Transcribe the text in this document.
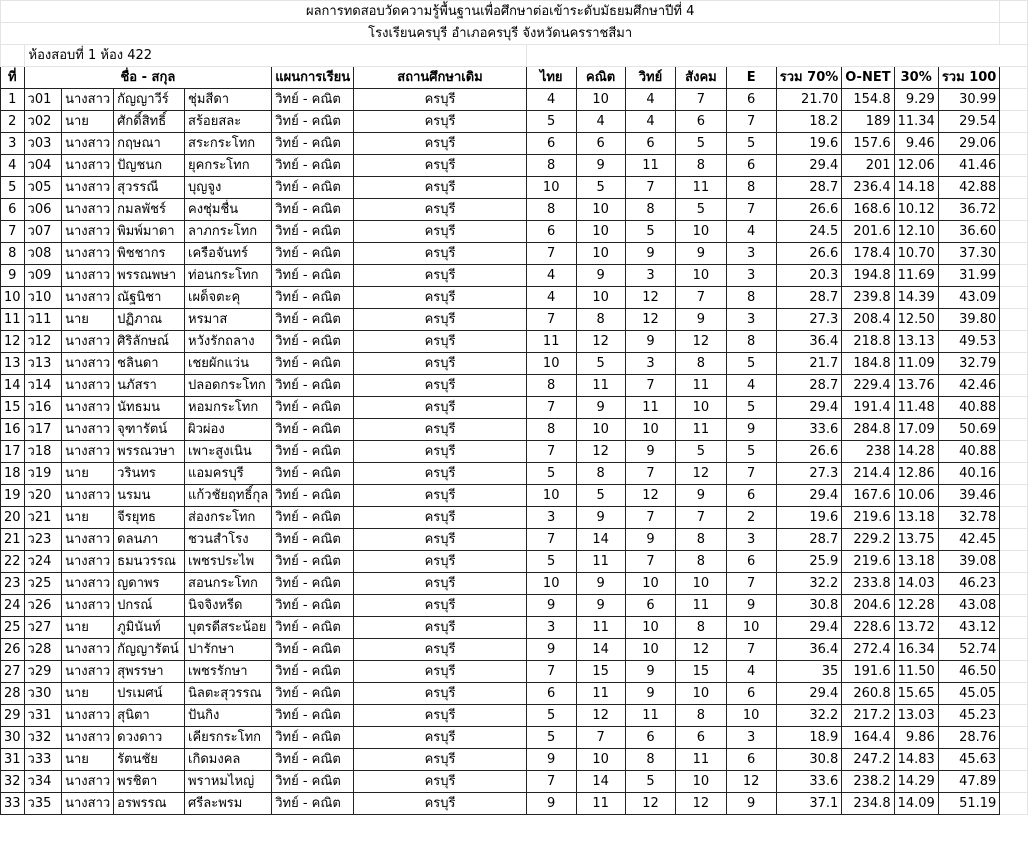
ผลการทดสอบวัดความรู้พื้นฐานเพื่อศึกษาต่อเข้าระดับมัธยมศึกษาปีที่ 4																
โรงเรียนครบุรี อำเภอครบุรี จังหวัดนครราชสีมา																
	ห้องสอบที่ 1 ห้อง 422															
ที่	ชื่อ - สกุล				แผนการเรียน	สถานศึกษาเดิม	ไทย	คณิต	วิทย์	สังคม	E	รวม 70%	O-NET	30%	รวม 100	
1	ว01	นางสาว	กัญญาวีร์	ชุ่มสีดา	วิทย์ - คณิต	ครบุรี	4	10	4	7	6	21.70	154.8	9.29	30.99	
2	ว02	นาย	ศักดิ์สิทธิ์	สร้อยสละ	วิทย์ - คณิต	ครบุรี	5	4	4	6	7	18.2	189	11.34	29.54	
3	ว03	นางสาว	กฤษณา	สระกระโทก	วิทย์ - คณิต	ครบุรี	6	6	6	5	5	19.6	157.6	9.46	29.06	
4	ว04	นางสาว	ปัญชนก	ยุคกระโทก	วิทย์ - คณิต	ครบุรี	8	9	11	8	6	29.4	201	12.06	41.46	
5	ว05	นางสาว	สุวรรณี	บุญจูง	วิทย์ - คณิต	ครบุรี	10	5	7	11	8	28.7	236.4	14.18	42.88	
6	ว06	นางสาว	กมลพัชร์	คงชุ่มชื่น	วิทย์ - คณิต	ครบุรี	8	10	8	5	7	26.6	168.6	10.12	36.72	
7	ว07	นางสาว	พิมพ์มาดา	ลาภกระโทก	วิทย์ - คณิต	ครบุรี	6	10	5	10	4	24.5	201.6	12.10	36.60	
8	ว08	นางสาว	พิชชากร	เครือจันทร์	วิทย์ - คณิต	ครบุรี	7	10	9	9	3	26.6	178.4	10.70	37.30	
9	ว09	นางสาว	พรรณพษา	ท่อนกระโทก	วิทย์ - คณิต	ครบุรี	4	9	3	10	3	20.3	194.8	11.69	31.99	
10	ว10	นางสาว	ณัฐนิชา	เผด็จตะคุ	วิทย์ - คณิต	ครบุรี	4	10	12	7	8	28.7	239.8	14.39	43.09	
11	ว11	นาย	ปฏิภาณ	หรมาส	วิทย์ - คณิต	ครบุรี	7	8	12	9	3	27.3	208.4	12.50	39.80	
12	ว12	นางสาว	ศิริลักษณ์	หวังรักถลาง	วิทย์ - คณิต	ครบุรี	11	12	9	12	8	36.4	218.8	13.13	49.53	
13	ว13	นางสาว	ชลินดา	เชยผักแว่น	วิทย์ - คณิต	ครบุรี	10	5	3	8	5	21.7	184.8	11.09	32.79	
14	ว14	นางสาว	นภัสรา	ปลอดกระโทก	วิทย์ - คณิต	ครบุรี	8	11	7	11	4	28.7	229.4	13.76	42.46	
15	ว16	นางสาว	นัทธมน	หอมกระโทก	วิทย์ - คณิต	ครบุรี	7	9	11	10	5	29.4	191.4	11.48	40.88	
16	ว17	นางสาว	จุฑารัตน์	ผิวผ่อง	วิทย์ - คณิต	ครบุรี	8	10	10	11	9	33.6	284.8	17.09	50.69	
17	ว18	นางสาว	พรรณวษา	เพาะสูงเนิน	วิทย์ - คณิต	ครบุรี	7	12	9	5	5	26.6	238	14.28	40.88	
18	ว19	นาย	วรินทร	แอมครบุรี	วิทย์ - คณิต	ครบุรี	5	8	7	12	7	27.3	214.4	12.86	40.16	
19	ว20	นางสาว	นรมน	แก้วชัยฤทธิ์กุล	วิทย์ - คณิต	ครบุรี	10	5	12	9	6	29.4	167.6	10.06	39.46	
20	ว21	นาย	จีรยุทธ	ส่องกระโทก	วิทย์ - คณิต	ครบุรี	3	9	7	7	2	19.6	219.6	13.18	32.78	
21	ว23	นางสาว	ดลนภา	ชวนสำโรง	วิทย์ - คณิต	ครบุรี	7	14	9	8	3	28.7	229.2	13.75	42.45	
22	ว24	นางสาว	ธมนวรรณ	เพชรประไพ	วิทย์ - คณิต	ครบุรี	5	11	7	8	6	25.9	219.6	13.18	39.08	
23	ว25	นางสาว	ญดาพร	สอนกระโทก	วิทย์ - คณิต	ครบุรี	10	9	10	10	7	32.2	233.8	14.03	46.23	
24	ว26	นางสาว	ปกรณ์	นิจจิงหรีด	วิทย์ - คณิต	ครบุรี	9	9	6	11	9	30.8	204.6	12.28	43.08	
25	ว27	นาย	ภูมินันท์	บุตรดีสระน้อย	วิทย์ - คณิต	ครบุรี	3	11	10	8	10	29.4	228.6	13.72	43.12	
26	ว28	นางสาว	กัญญารัตน์	ปารักษา	วิทย์ - คณิต	ครบุรี	9	14	10	12	7	36.4	272.4	16.34	52.74	
27	ว29	นางสาว	สุพรรษา	เพชรรักษา	วิทย์ - คณิต	ครบุรี	7	15	9	15	4	35	191.6	11.50	46.50	
28	ว30	นาย	ปรเมศน์	นิลตะสุวรรณ	วิทย์ - คณิต	ครบุรี	6	11	9	10	6	29.4	260.8	15.65	45.05	
29	ว31	นางสาว	สุนิตา	ปันกิง	วิทย์ - คณิต	ครบุรี	5	12	11	8	10	32.2	217.2	13.03	45.23	
30	ว32	นางสาว	ดวงดาว	เคียรกระโทก	วิทย์ - คณิต	ครบุรี	5	7	6	6	3	18.9	164.4	9.86	28.76	
31	ว33	นาย	รัตนชัย	เกิดมงคล	วิทย์ - คณิต	ครบุรี	9	10	8	11	6	30.8	247.2	14.83	45.63	
32	ว34	นางสาว	พรชิตา	พราหมไหญ่	วิทย์ - คณิต	ครบุรี	7	14	5	10	12	33.6	238.2	14.29	47.89	
33	ว35	นางสาว	อรพรรณ	ศรีละพรม	วิทย์ - คณิต	ครบุรี	9	11	12	12	9	37.1	234.8	14.09	51.19	
